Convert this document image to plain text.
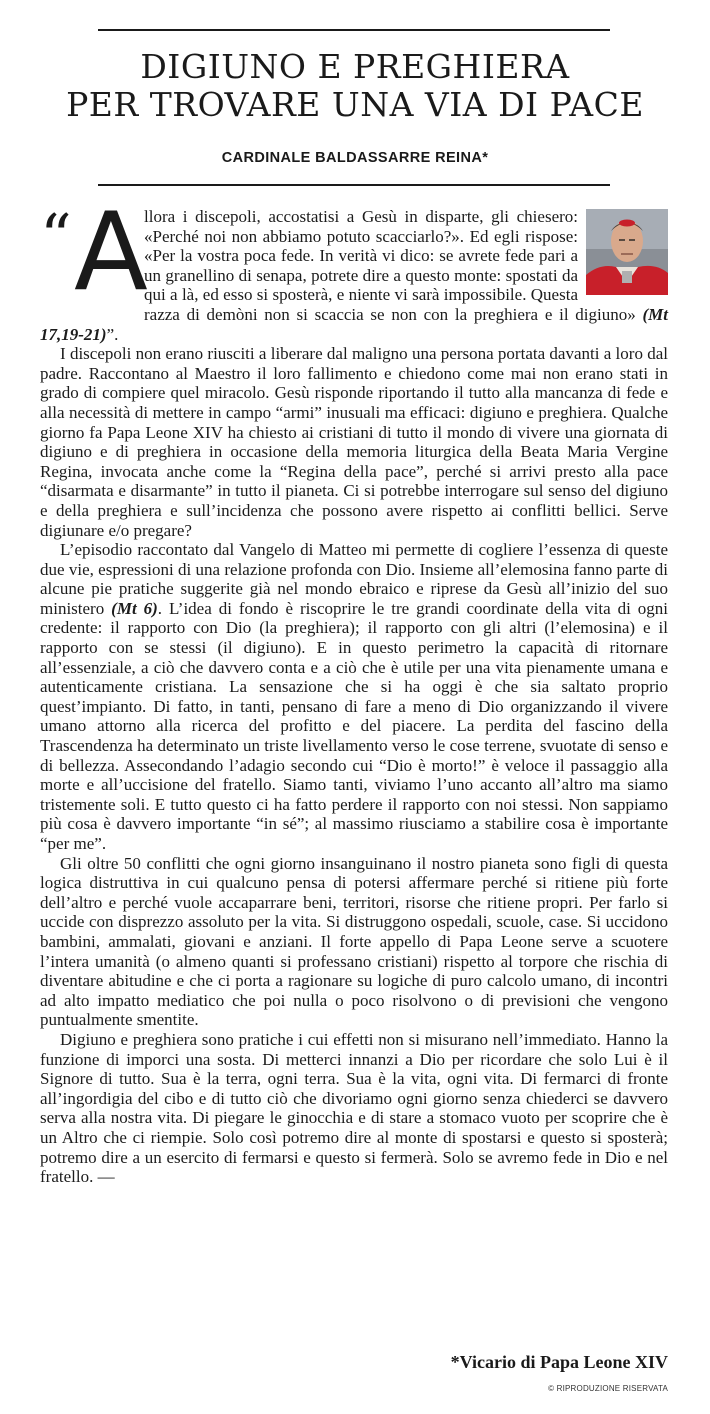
DIGIUNO E PREGHIERA
PER TROVARE UNA VIA DI PACE
CARDINALE BALDASSARRE REINA*

“ A
llora i discepoli, accostatisi a Gesù in disparte, gli chiesero: «Perché noi non abbiamo potuto scacciarlo?». Ed egli rispose: «Per la vostra poca fede. In verità vi dico: se avrete fede pari a un granellino di senapa, potrete dire a questo monte: spostati da qui a là, ed esso si sposterà, e niente vi sarà impossibile. Questa razza di demòni non si scaccia se non con la preghiera e il digiuno» (Mt 17,19-21)”.

I discepoli non erano riusciti a liberare dal maligno una persona portata davanti a loro dal padre. Raccontano al Maestro il loro fallimento e chiedono come mai non erano stati in grado di compiere quel miracolo. Gesù risponde riportando il tutto alla mancanza di fede e alla necessità di mettere in campo “armi” inusuali ma efficaci: digiuno e preghiera. Qualche giorno fa Papa Leone XIV ha chiesto ai cristiani di tutto il mondo di vivere una giornata di digiuno e di preghiera in occasione della memoria liturgica della Beata Maria Vergine Regina, invocata anche come la “Regina della pace”, perché si arrivi presto alla pace “disarmata e disarmante” in tutto il pianeta. Ci si potrebbe interrogare sul senso del digiuno e della preghiera e sull’incidenza che possono avere rispetto ai conflitti bellici. Serve digiunare e/o pregare?

L’episodio raccontato dal Vangelo di Matteo mi permette di cogliere l’essenza di queste due vie, espressioni di una relazione profonda con Dio. Insieme all’elemosina fanno parte di alcune pie pratiche suggerite già nel mondo ebraico e riprese da Gesù all’inizio del suo ministero (Mt 6). L’idea di fondo è riscoprire le tre grandi coordinate della vita di ogni credente: il rapporto con Dio (la preghiera); il rapporto con gli altri (l’elemosina) e il rapporto con se stessi (il digiuno). E in questo perimetro la capacità di ritornare all’essenziale, a ciò che davvero conta e a ciò che è utile per una vita pienamente umana e autenticamente cristiana. La sensazione che si ha oggi è che sia saltato proprio quest’impianto. Di fatto, in tanti, pensano di fare a meno di Dio organizzando il vivere umano attorno alla ricerca del profitto e del piacere. La perdita del fascino della Trascendenza ha determinato un triste livellamento verso le cose terrene, svuotate di senso e di bellezza. Assecondando l’adagio secondo cui “Dio è morto!” è veloce il passaggio alla morte e all’uccisione del fratello. Siamo tanti, viviamo l’uno accanto all’altro ma siamo tristemente soli. E tutto questo ci ha fatto perdere il rapporto con noi stessi. Non sappiamo più cosa è davvero importante “in sé”; al massimo riusciamo a stabilire cosa è importante “per me”.

Gli oltre 50 conflitti che ogni giorno insanguinano il nostro pianeta sono figli di questa logica distruttiva in cui qualcuno pensa di potersi affermare perché si ritiene più forte dell’altro e perché vuole accaparrare beni, territori, risorse che ritiene propri. Per farlo si uccide con disprezzo assoluto per la vita. Si distruggono ospedali, scuole, case. Si uccidono bambini, ammalati, giovani e anziani. Il forte appello di Papa Leone serve a scuotere l’intera umanità (o almeno quanti si professano cristiani) rispetto al torpore che rischia di diventare abitudine e che ci porta a ragionare su logiche di puro calcolo umano, di incontri ad alto impatto mediatico che poi nulla o poco risolvono o di previsioni che vengono puntualmente smentite.

Digiuno e preghiera sono pratiche i cui effetti non si misurano nell’immediato. Hanno la funzione di imporci una sosta. Di metterci innanzi a Dio per ricordare che solo Lui è il Signore di tutto. Sua è la terra, ogni terra. Sua è la vita, ogni vita. Di fermarci di fronte all’ingordigia del cibo e di tutto ciò che divoriamo ogni giorno senza chiederci se davvero serva alla nostra vita. Di piegare le ginocchia e di stare a stomaco vuoto per scoprire che è un Altro che ci riempie. Solo così potremo dire al monte di spostarsi e questo si sposterà; potremo dire a un esercito di fermarsi e questo si fermerà. Solo se avremo fede in Dio e nel fratello. —

*Vicario di Papa Leone XIV
© RIPRODUZIONE RISERVATA
